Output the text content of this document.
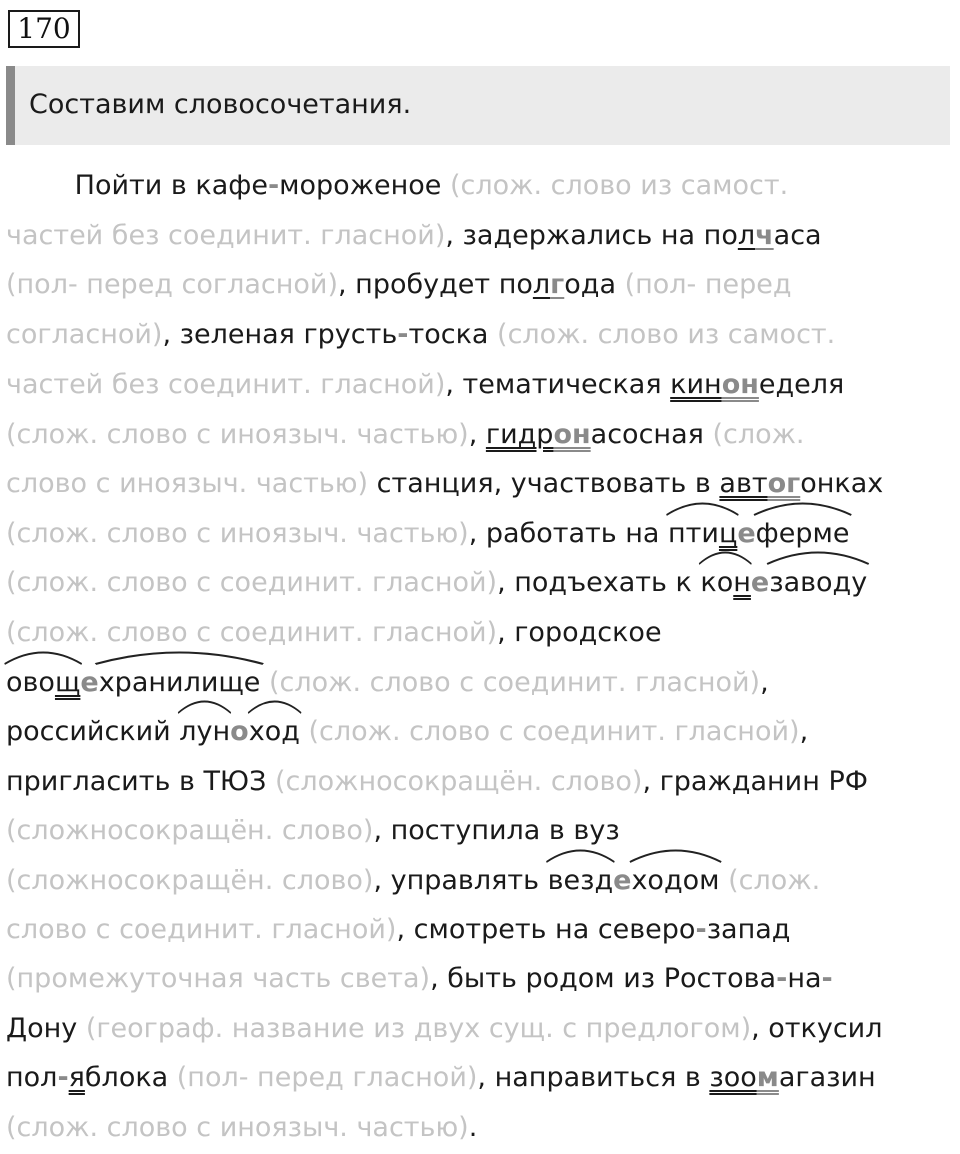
170
Составим словосочетания.
Пойти в кафе-мороженое (слож. слово из самост.
частей без соединит. гласной), задержались на полчаса
(пол- перед согласной), пробудет полгода (пол- перед
согласной), зеленая грусть-тоска (слож. слово из самост.
частей без соединит. гласной), тематическая кинонеделя
(слож. слово с иноязыч. частью), гидронасосная (слож.
слово с иноязыч. частью) станция, участвовать в автогонках
(слож. слово с иноязыч. частью), работать на
птице
ферме
(слож. слово с соединит. гласной), подъехать к
коне
заводу
(слож. слово с соединит. гласной), городское
овоще
хранилище (слож. слово с соединит. гласной),
российский
луно
ход (слож. слово с соединит. гласной),
пригласить в ТЮЗ (сложносокращён. слово), гражданин РФ
(сложносокращён. слово), поступила в вуз
(сложносокращён. слово), управлять
везде
ходом (слож.
слово с соединит. гласной), смотреть на северо-запад
(промежуточная часть света), быть родом из Ростова-на-
Дону (географ. название из двух сущ. с предлогом), откусил
пол-яблока (пол- перед гласной), направиться в зоомагазин
(слож. слово с иноязыч. частью).
